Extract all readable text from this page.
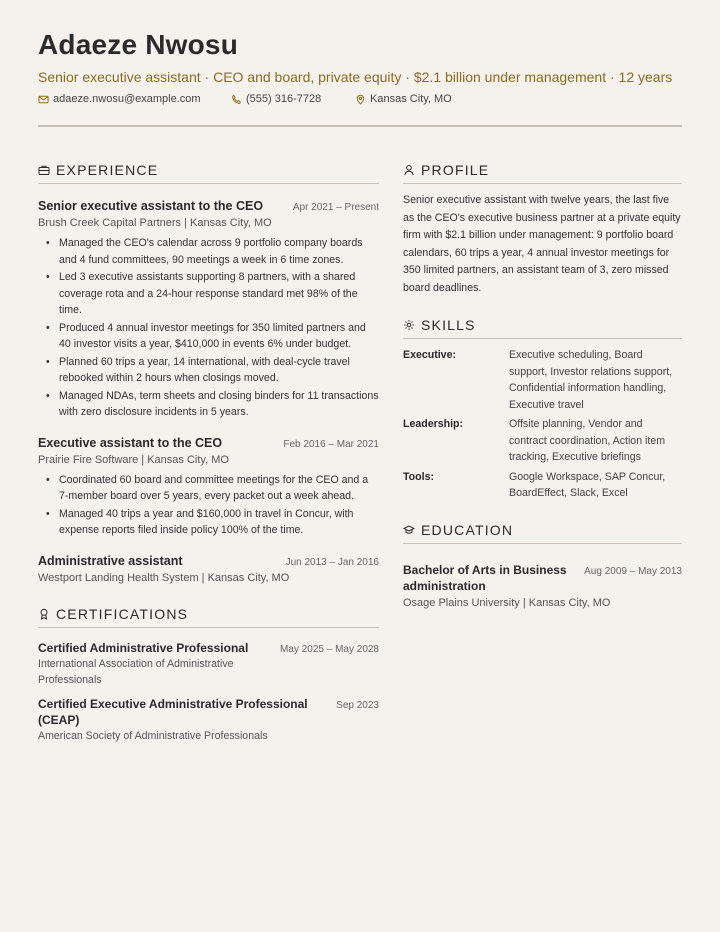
Adaeze Nwosu
Senior executive assistant · CEO and board, private equity · $2.1 billion under management · 12 years
adaeze.nwosu@example.com	(555) 316-7728	Kansas City, MO
EXPERIENCE
Senior executive assistant to the CEO	Apr 2021 – Present
Brush Creek Capital Partners | Kansas City, MO
• Managed the CEO's calendar across 9 portfolio company boards and 4 fund committees, 90 meetings a week in 6 time zones.
• Led 3 executive assistants supporting 8 partners, with a shared coverage rota and a 24-hour response standard met 98% of the time.
• Produced 4 annual investor meetings for 350 limited partners and 40 investor visits a year, $410,000 in events 6% under budget.
• Planned 60 trips a year, 14 international, with deal-cycle travel rebooked within 2 hours when closings moved.
• Managed NDAs, term sheets and closing binders for 11 transactions with zero disclosure incidents in 5 years.
Executive assistant to the CEO	Feb 2016 – Mar 2021
Prairie Fire Software | Kansas City, MO
• Coordinated 60 board and committee meetings for the CEO and a 7-member board over 5 years, every packet out a week ahead.
• Managed 40 trips a year and $160,000 in travel in Concur, with expense reports filed inside policy 100% of the time.
Administrative assistant	Jun 2013 – Jan 2016
Westport Landing Health System | Kansas City, MO
CERTIFICATIONS
Certified Administrative Professional	May 2025 – May 2028
International Association of Administrative Professionals
Certified Executive Administrative Professional (CEAP)
Sep 2023
American Society of Administrative Professionals
PROFILE
Senior executive assistant with twelve years, the last five as the CEO's executive business partner at a private equity firm with $2.1 billion under management: 9 portfolio board calendars, 60 trips a year, 4 annual investor meetings for 350 limited partners, an assistant team of 3, zero missed board deadlines.
SKILLS
Executive:	Executive scheduling, Board support, Investor relations support, Confidential information handling, Executive travel
Leadership:	Offsite planning, Vendor and contract coordination, Action item tracking, Executive briefings
Tools:	Google Workspace, SAP Concur, BoardEffect, Slack, Excel
EDUCATION
Bachelor of Arts in Business administration
Aug 2009 – May 2013
Osage Plains University | Kansas City, MO
